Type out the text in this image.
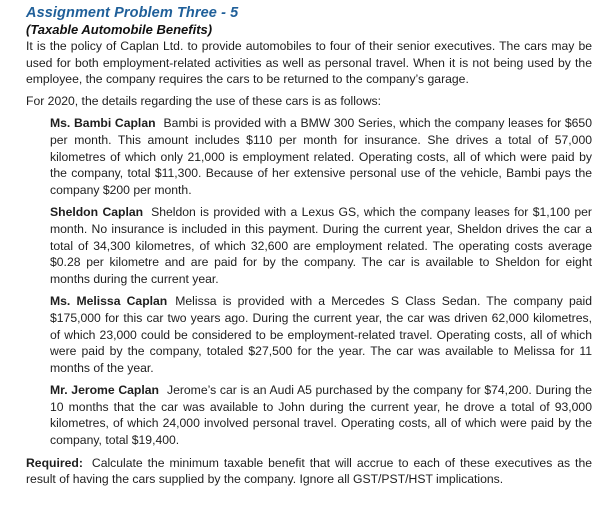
Assignment Problem Three - 5
(Taxable Automobile Benefits)

It is the policy of Caplan Ltd. to provide automobiles to four of their senior executives. The cars may be used for both employment-related activities as well as personal travel. When it is not being used by the employee, the company requires the cars to be returned to the company’s garage.

For 2020, the details regarding the use of these cars is as follows:

Ms. Bambi Caplan Bambi is provided with a BMW 300 Series, which the company leases for $650 per month. This amount includes $110 per month for insurance. She drives a total of 57,000 kilometres of which only 21,000 is employment related. Operating costs, all of which were paid by the company, total $11,300. Because of her extensive personal use of the vehicle, Bambi pays the company $200 per month.

Sheldon Caplan Sheldon is provided with a Lexus GS, which the company leases for $1,100 per month. No insurance is included in this payment. During the current year, Sheldon drives the car a total of 34,300 kilometres, of which 32,600 are employment related. The operating costs average $0.28 per kilometre and are paid for by the company. The car is available to Sheldon for eight months during the current year.

Ms. Melissa Caplan Melissa is provided with a Mercedes S Class Sedan. The company paid $175,000 for this car two years ago. During the current year, the car was driven 62,000 kilometres, of which 23,000 could be considered to be employment-related travel. Operating costs, all of which were paid by the company, totaled $27,500 for the year. The car was available to Melissa for 11 months of the year.

Mr. Jerome Caplan Jerome’s car is an Audi A5 purchased by the company for $74,200. During the 10 months that the car was available to John during the current year, he drove a total of 93,000 kilometres, of which 24,000 involved personal travel. Operating costs, all of which were paid by the company, total $19,400.

Required: Calculate the minimum taxable benefit that will accrue to each of these executives as the result of having the cars supplied by the company. Ignore all GST/PST/HST implications.
